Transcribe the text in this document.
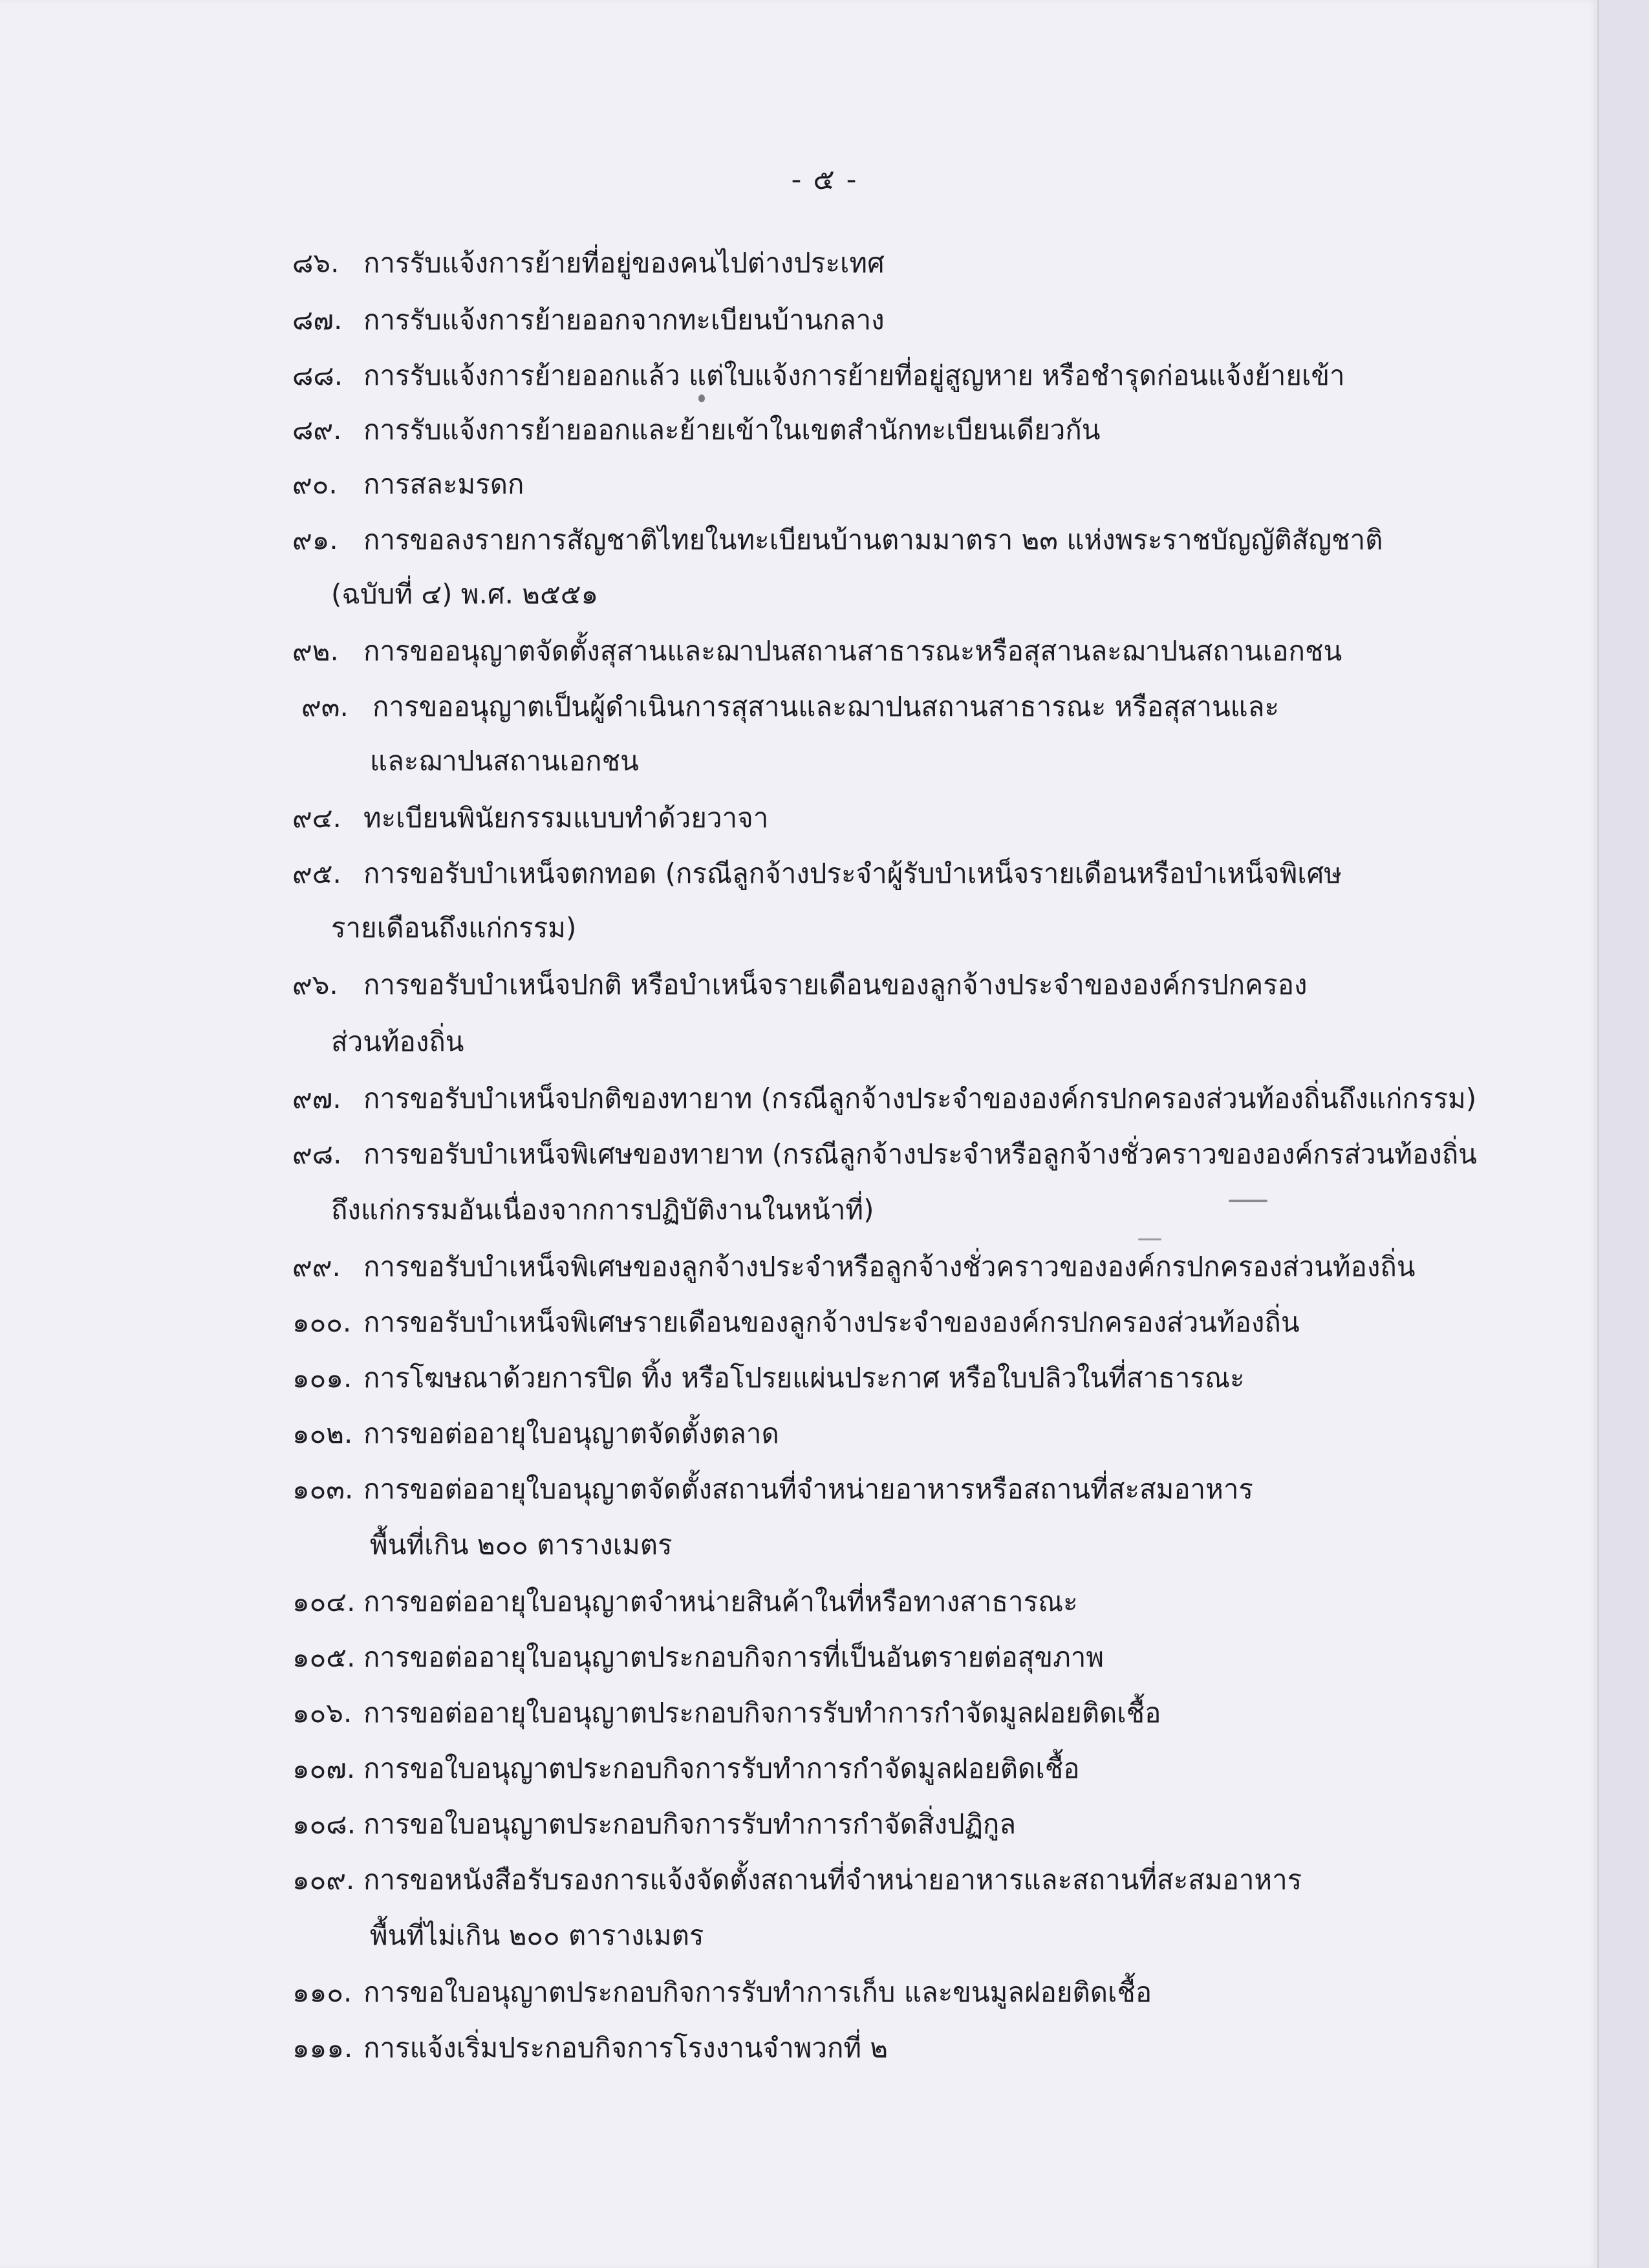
- ๕ -
๘๖. การรับแจ้งการย้ายที่อยู่ของคนไปต่างประเทศ
๘๗. การรับแจ้งการย้ายออกจากทะเบียนบ้านกลาง
๘๘. การรับแจ้งการย้ายออกแล้ว แต่ใบแจ้งการย้ายที่อยู่สูญหาย หรือชำรุดก่อนแจ้งย้ายเข้า
๘๙. การรับแจ้งการย้ายออกและย้ายเข้าในเขตสำนักทะเบียนเดียวกัน
๙๐. การสละมรดก
๙๑. การขอลงรายการสัญชาติไทยในทะเบียนบ้านตามมาตรา ๒๓ แห่งพระราชบัญญัติสัญชาติ
(ฉบับที่ ๔) พ.ศ. ๒๕๕๑
๙๒. การขออนุญาตจัดตั้งสุสานและฌาปนสถานสาธารณะหรือสุสานละฌาปนสถานเอกชน
๙๓. การขออนุญาตเป็นผู้ดำเนินการสุสานและฌาปนสถานสาธารณะ หรือสุสานและ
และฌาปนสถานเอกชน
๙๔. ทะเบียนพินัยกรรมแบบทำด้วยวาจา
๙๕. การขอรับบำเหน็จตกทอด (กรณีลูกจ้างประจำผู้รับบำเหน็จรายเดือนหรือบำเหน็จพิเศษ
รายเดือนถึงแก่กรรม)
๙๖. การขอรับบำเหน็จปกติ หรือบำเหน็จรายเดือนของลูกจ้างประจำขององค์กรปกครอง
ส่วนท้องถิ่น
๙๗. การขอรับบำเหน็จปกติของทายาท (กรณีลูกจ้างประจำขององค์กรปกครองส่วนท้องถิ่นถึงแก่กรรม)
๙๘. การขอรับบำเหน็จพิเศษของทายาท (กรณีลูกจ้างประจำหรือลูกจ้างชั่วคราวขององค์กรส่วนท้องถิ่น
ถึงแก่กรรมอันเนื่องจากการปฏิบัติงานในหน้าที่)
๙๙. การขอรับบำเหน็จพิเศษของลูกจ้างประจำหรือลูกจ้างชั่วคราวขององค์กรปกครองส่วนท้องถิ่น
๑๐๐. การขอรับบำเหน็จพิเศษรายเดือนของลูกจ้างประจำขององค์กรปกครองส่วนท้องถิ่น
๑๐๑. การโฆษณาด้วยการปิด ทิ้ง หรือโปรยแผ่นประกาศ หรือใบปลิวในที่สาธารณะ
๑๐๒. การขอต่ออายุใบอนุญาตจัดตั้งตลาด
๑๐๓. การขอต่ออายุใบอนุญาตจัดตั้งสถานที่จำหน่ายอาหารหรือสถานที่สะสมอาหาร
พื้นที่เกิน ๒๐๐ ตารางเมตร
๑๐๔. การขอต่ออายุใบอนุญาตจำหน่ายสินค้าในที่หรือทางสาธารณะ
๑๐๕. การขอต่ออายุใบอนุญาตประกอบกิจการที่เป็นอันตรายต่อสุขภาพ
๑๐๖. การขอต่ออายุใบอนุญาตประกอบกิจการรับทำการกำจัดมูลฝอยติดเชื้อ
๑๐๗. การขอใบอนุญาตประกอบกิจการรับทำการกำจัดมูลฝอยติดเชื้อ
๑๐๘. การขอใบอนุญาตประกอบกิจการรับทำการกำจัดสิ่งปฏิกูล
๑๐๙. การขอหนังสือรับรองการแจ้งจัดตั้งสถานที่จำหน่ายอาหารและสถานที่สะสมอาหาร
พื้นที่ไม่เกิน ๒๐๐ ตารางเมตร
๑๑๐. การขอใบอนุญาตประกอบกิจการรับทำการเก็บ และขนมูลฝอยติดเชื้อ
๑๑๑. การแจ้งเริ่มประกอบกิจการโรงงานจำพวกที่ ๒
